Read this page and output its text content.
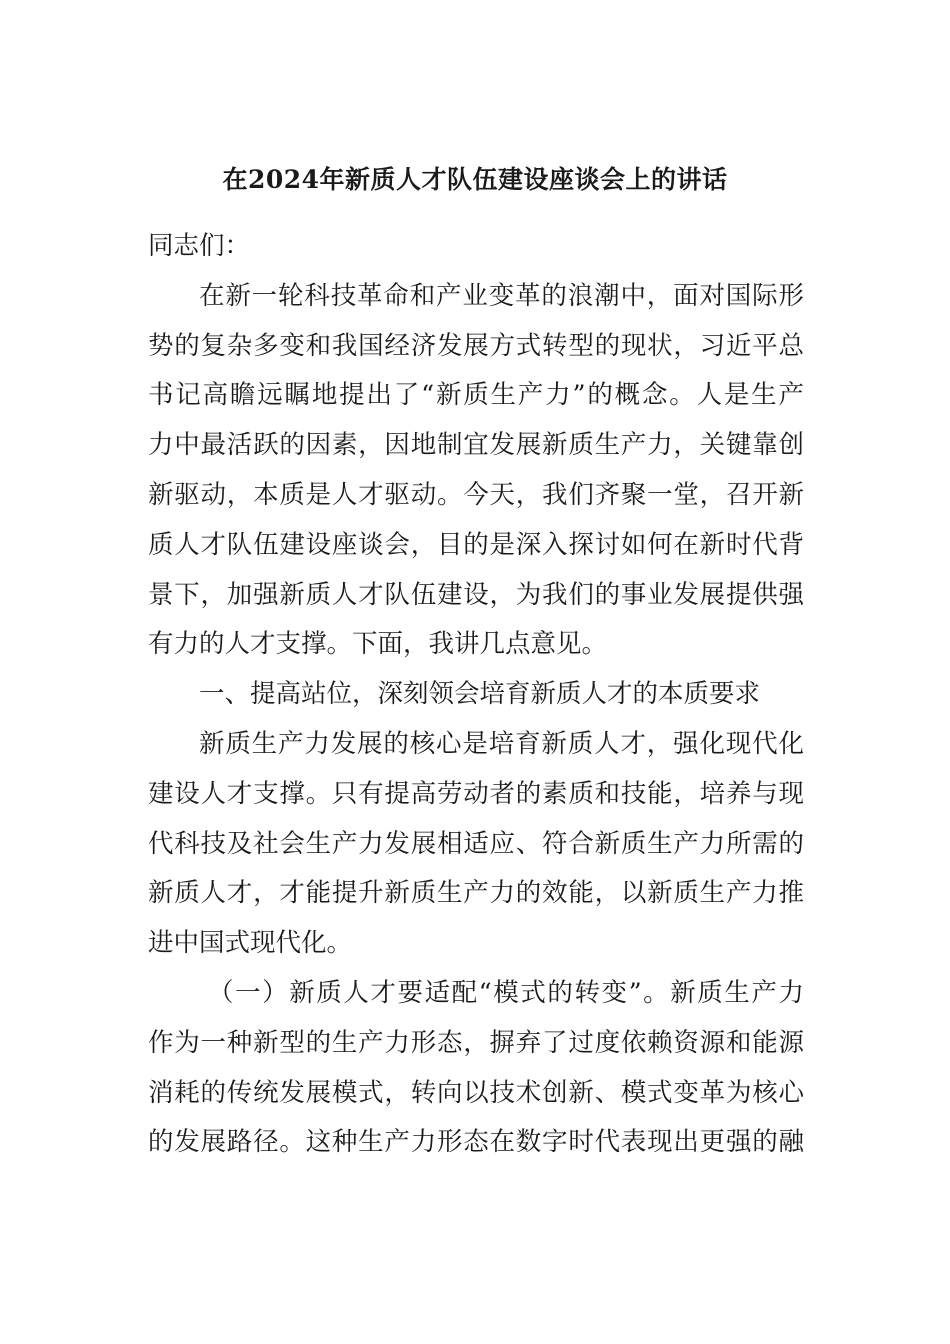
在2024年新质人才队伍建设座谈会上的讲话
同志们：
在新一轮科技革命和产业变革的浪潮中，面对国际形
势的复杂多变和我国经济发展方式转型的现状，习近平总
书记高瞻远瞩地提出了“新质生产力”的概念。人是生产
力中最活跃的因素，因地制宜发展新质生产力，关键靠创
新驱动，本质是人才驱动。今天，我们齐聚一堂，召开新
质人才队伍建设座谈会，目的是深入探讨如何在新时代背
景下，加强新质人才队伍建设，为我们的事业发展提供强
有力的人才支撑。下面，我讲几点意见。
一、提高站位，深刻领会培育新质人才的本质要求
新质生产力发展的核心是培育新质人才，强化现代化
建设人才支撑。只有提高劳动者的素质和技能，培养与现
代科技及社会生产力发展相适应、符合新质生产力所需的
新质人才，才能提升新质生产力的效能，以新质生产力推
进中国式现代化。
（一）新质人才要适配“模式的转变”。新质生产力
作为一种新型的生产力形态，摒弃了过度依赖资源和能源
消耗的传统发展模式，转向以技术创新、模式变革为核心
的发展路径。这种生产力形态在数字时代表现出更强的融
